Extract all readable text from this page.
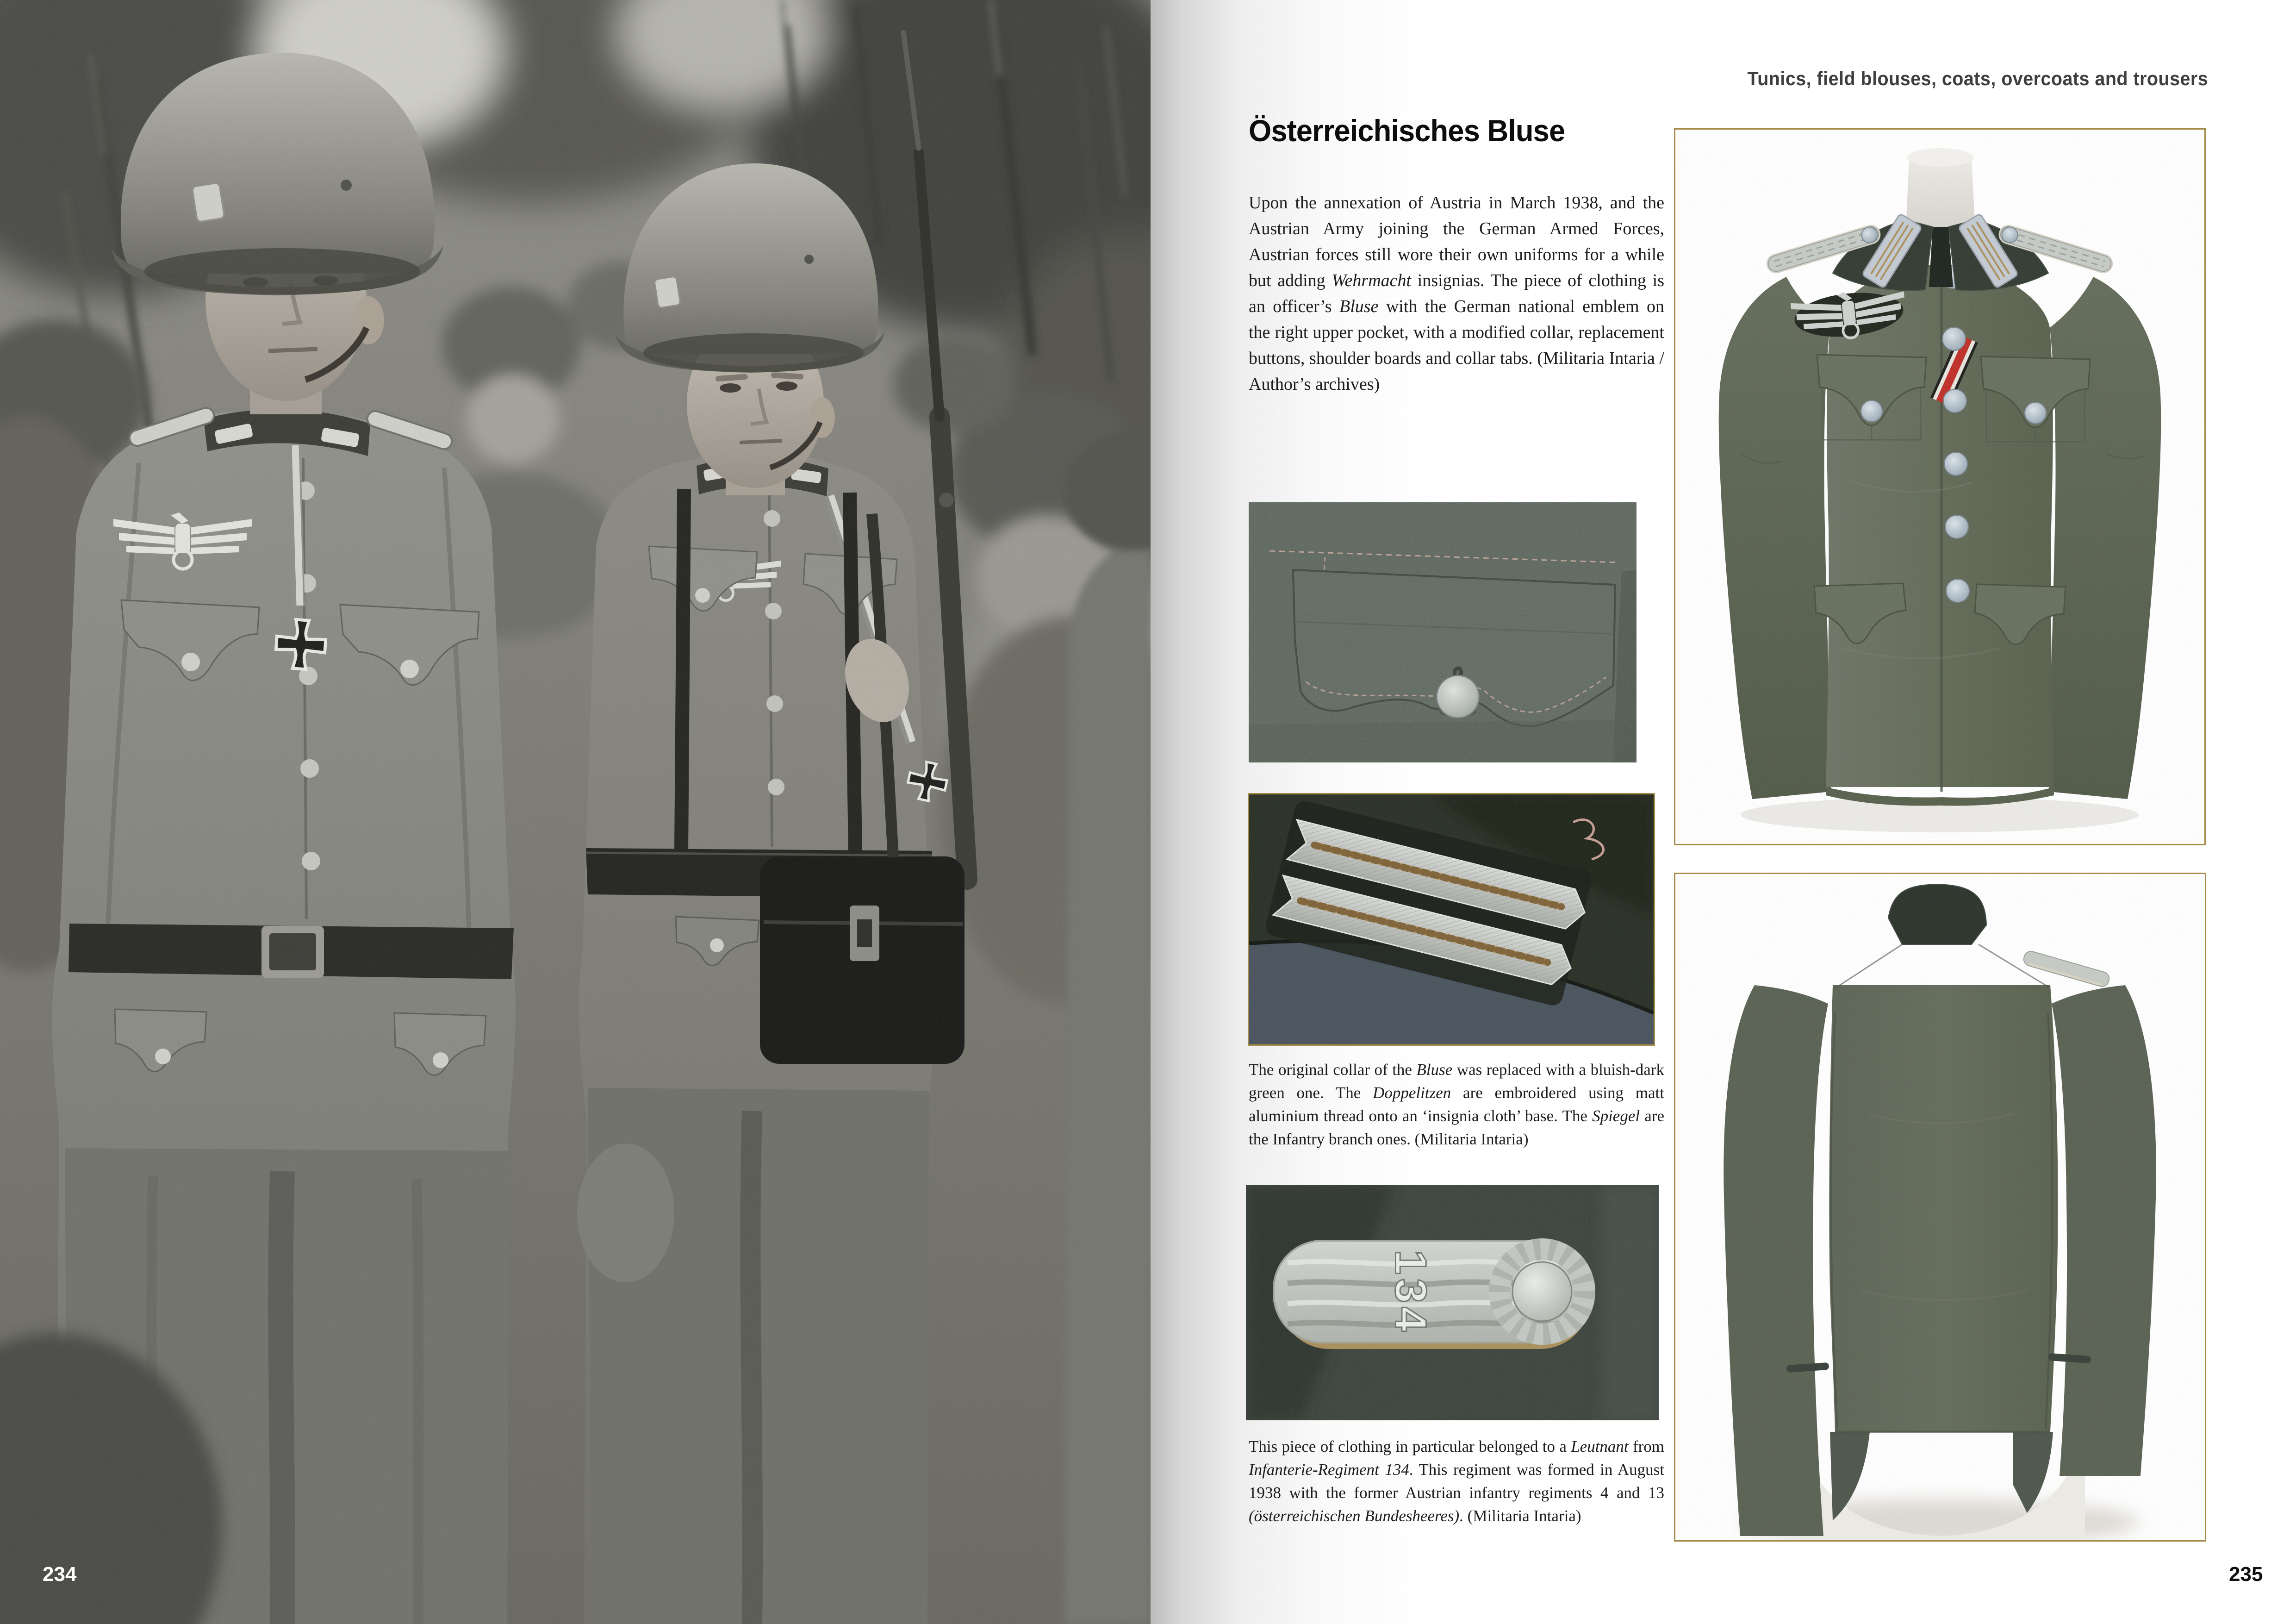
234
Tunics, field blouses, coats, overcoats and trousers
Österreichisches Bluse

Upon the annexation of Austria in March 1938, and the Austrian Army joining the German Armed Forces, Austrian forces still wore their own uniforms for a while but adding Wehrmacht insignias. The piece of clothing is an officer’s Bluse with the German national emblem on the right upper pocket, with a modified collar, replacement buttons, shoulder boards and collar tabs. (Militaria Intaria / Author’s archives)

The original collar of the Bluse was replaced with a bluish-dark green one. The Doppelitzen are embroidered using matt aluminium thread onto an ‘insignia cloth’ base. The Spiegel are the Infantry branch ones. (Militaria Intaria)

134

This piece of clothing in particular belonged to a Leutnant from Infanterie-Regiment 134. This regiment was formed in August 1938 with the former Austrian infantry regiments 4 and 13 (österreichischen Bundesheeres). (Militaria Intaria)

235
